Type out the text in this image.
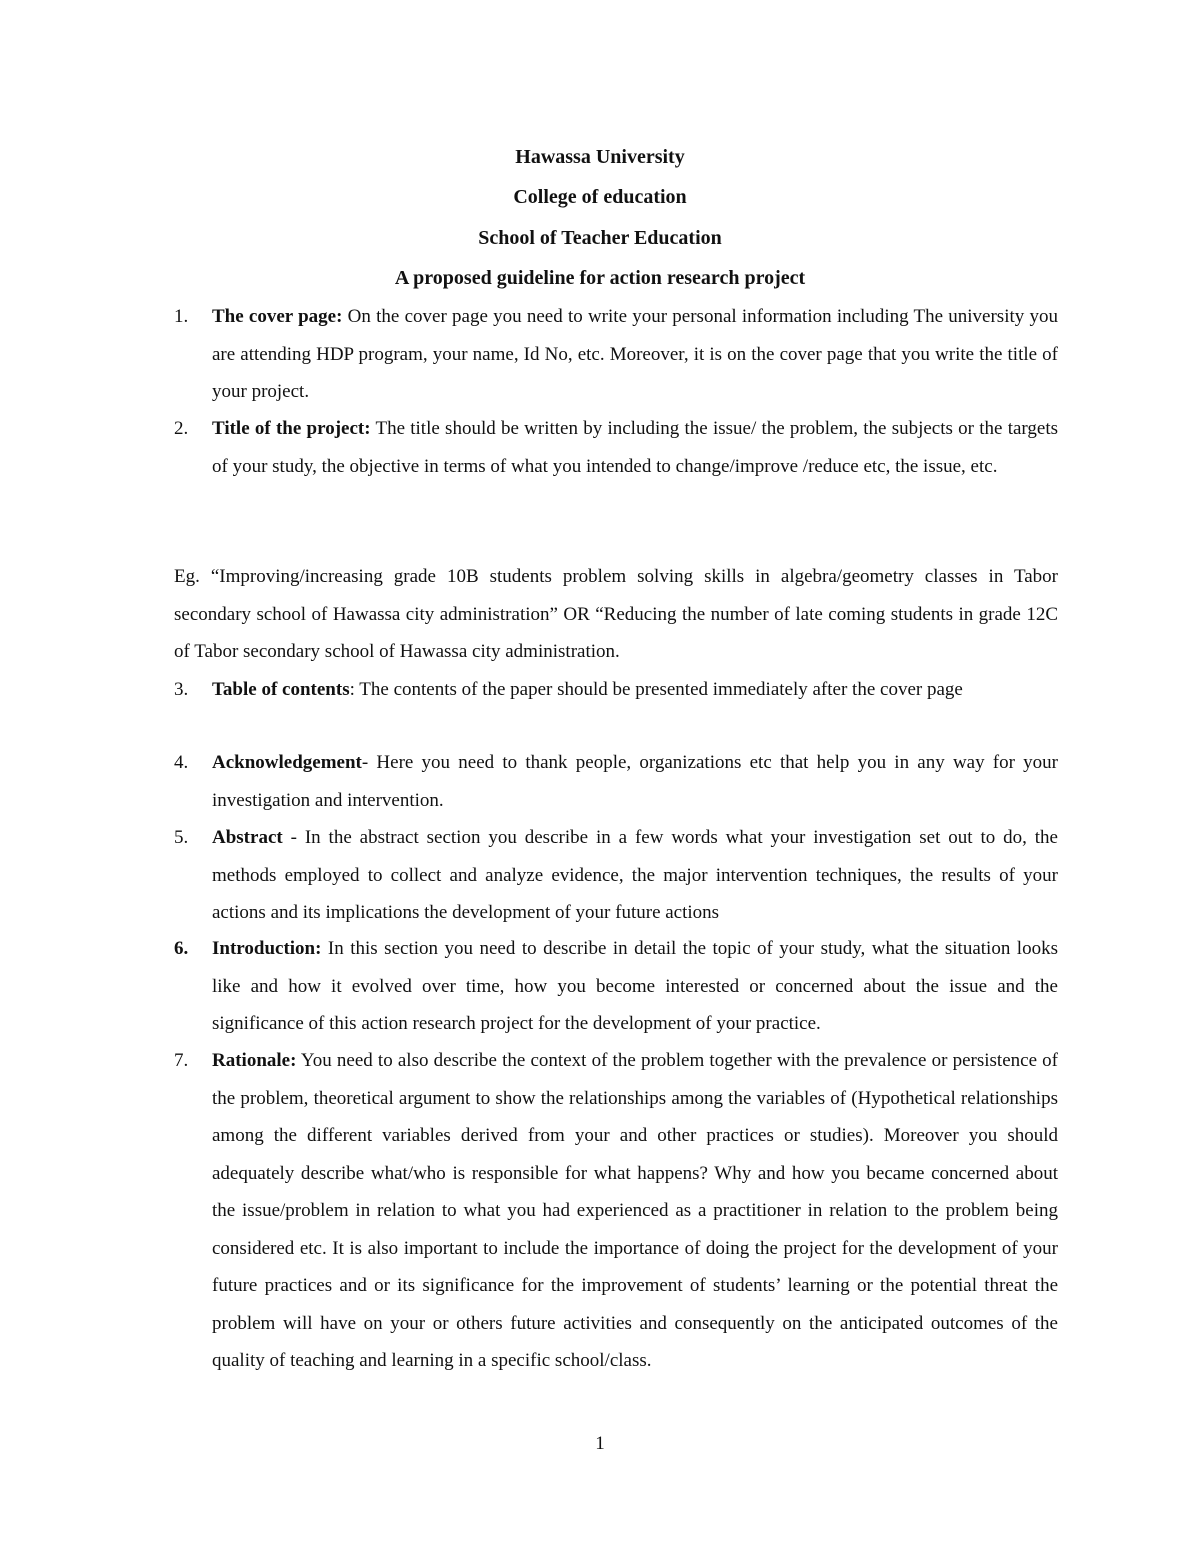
Hawassa University
College of education
School of Teacher Education
A proposed guideline for action research project
1.	The cover page: On the cover page you need to write your personal information including The university you are attending HDP program, your name, Id No, etc. Moreover, it is on the cover page that you write the title of your project.
2.	Title of the project: The title should be written by including the issue/ the problem, the subjects or the targets of your study, the objective in terms of what you intended to change/improve /reduce etc, the issue, etc.
Eg. “Improving/increasing grade 10B students problem solving skills in algebra/geometry classes in Tabor secondary school of Hawassa city administration” OR “Reducing the number of late coming students in grade 12C of Tabor secondary school of Hawassa city administration.
3.	Table of contents: The contents of the paper should be presented immediately after the cover page
4.	Acknowledgement- Here you need to thank people, organizations etc that help you in any way for your investigation and intervention.
5.	Abstract - In the abstract section you describe in a few words what your investigation set out to do, the methods employed to collect and analyze evidence, the major intervention techniques, the results of your actions and its implications the development of your future actions
6.	Introduction: In this section you need to describe in detail the topic of your study, what the situation looks like and how it evolved over time, how you become interested or concerned about the issue and the significance of this action research project for the development of your practice.
7.	Rationale: You need to also describe the context of the problem together with the prevalence or persistence of the problem, theoretical argument to show the relationships among the variables of (Hypothetical relationships among the different variables derived from your and other practices or studies). Moreover you should adequately describe what/who is responsible for what happens? Why and how you became concerned about the issue/problem in relation to what you had experienced as a practitioner in relation to the problem being considered etc. It is also important to include the importance of doing the project for the development of your future practices and or its significance for the improvement of students’ learning or the potential threat the problem will have on your or others future activities and consequently on the anticipated outcomes of the quality of teaching and learning in a specific school/class.
1
